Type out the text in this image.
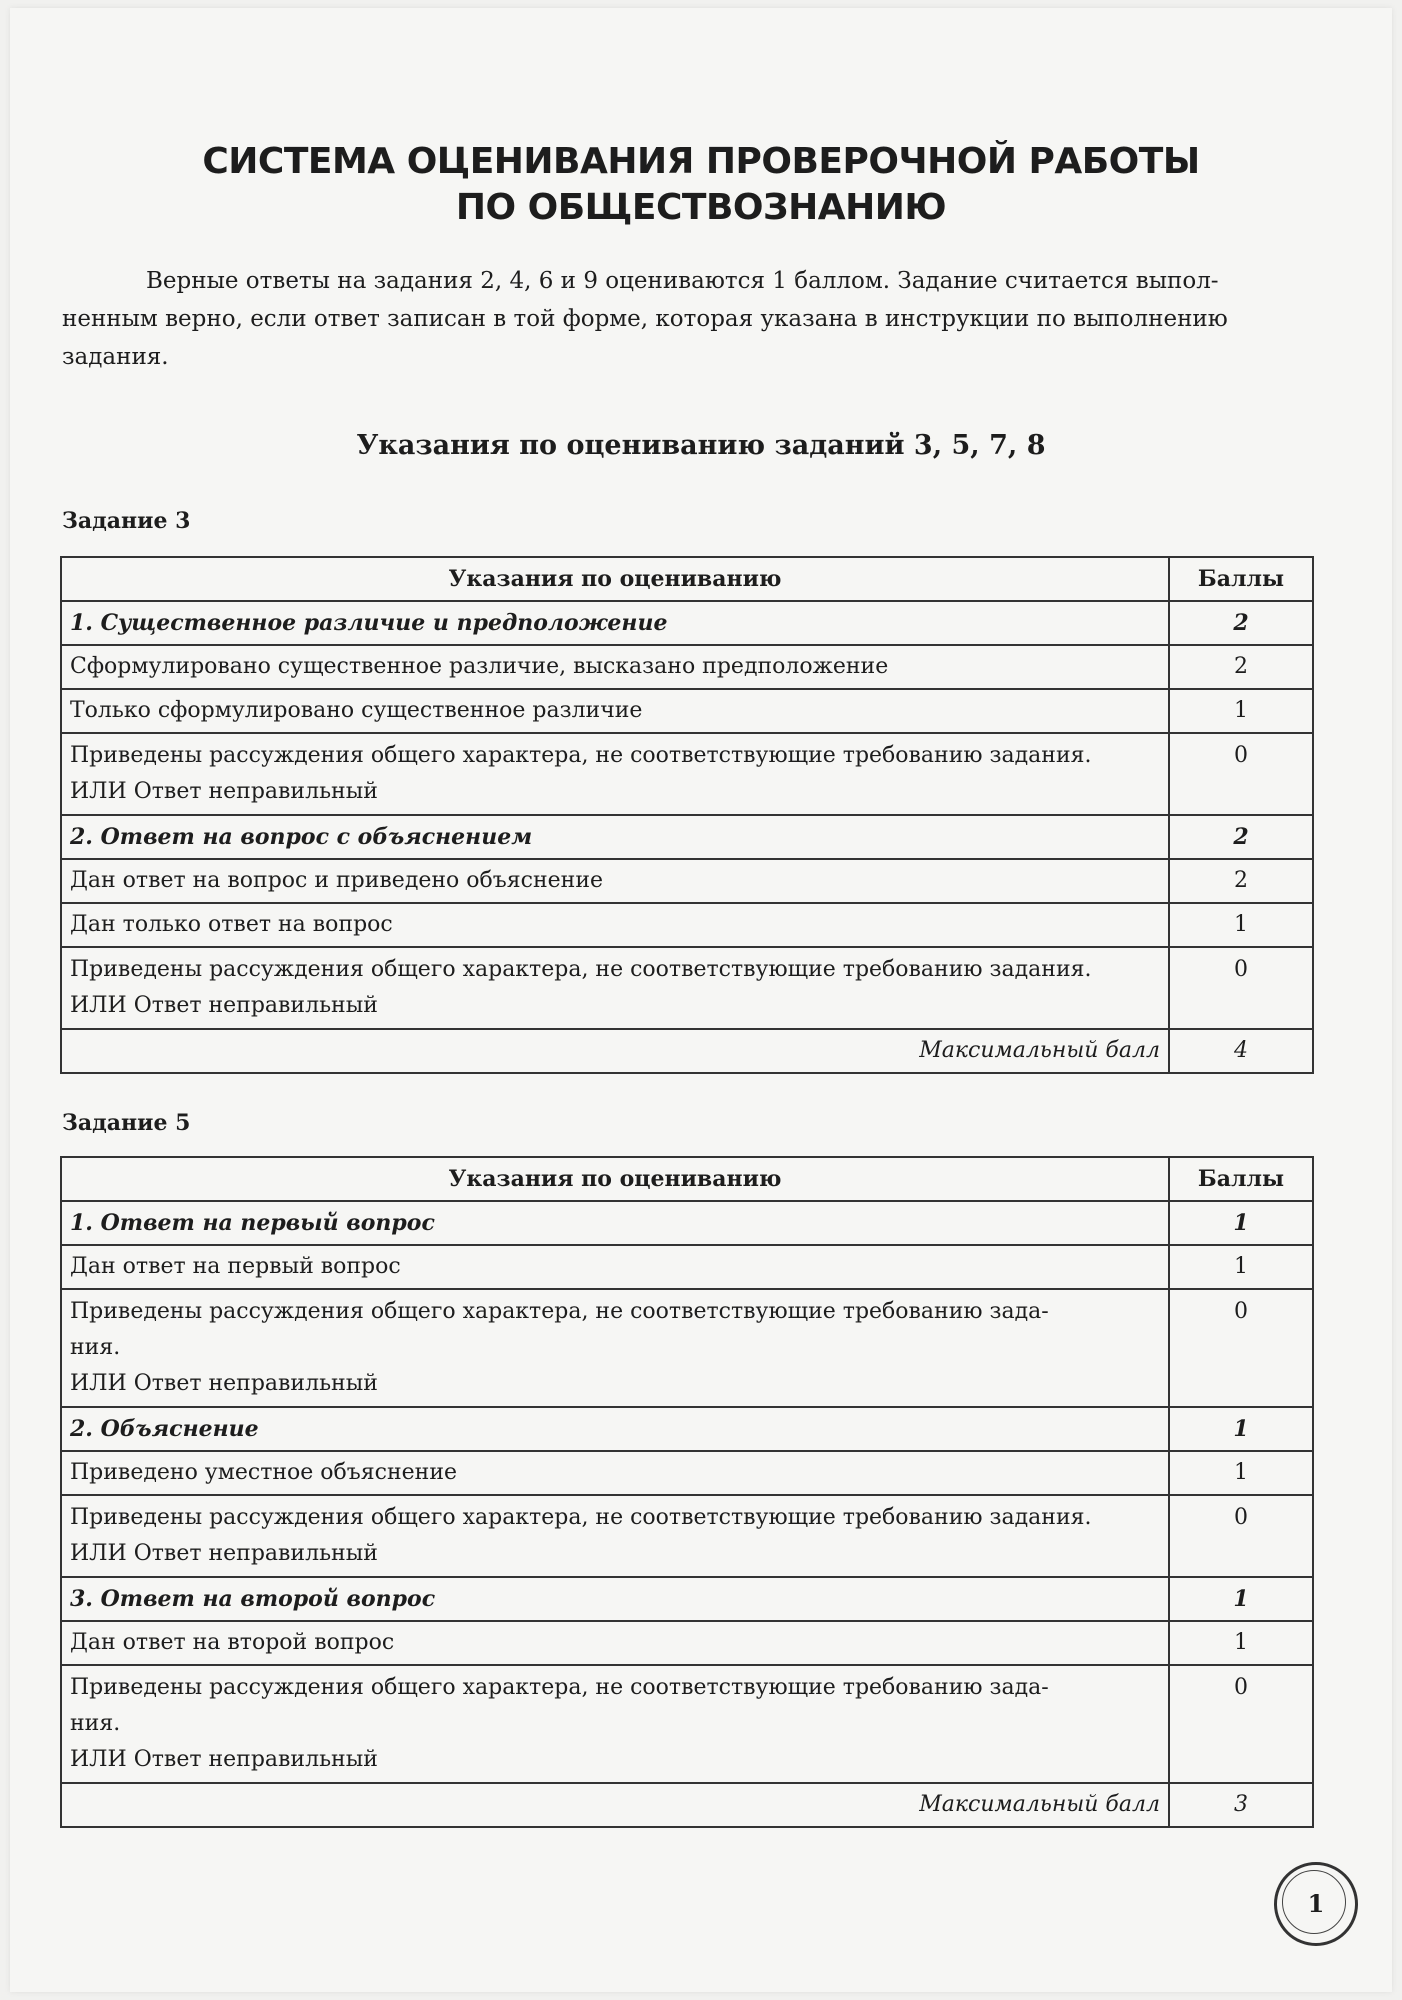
СИСТЕМА ОЦЕНИВАНИЯ ПРОВЕРОЧНОЙ РАБОТЫ
ПО ОБЩЕСТВОЗНАНИЮ
Верные ответы на задания 2, 4, 6 и 9 оцениваются 1 баллом. Задание считается выпол-
ненным верно, если ответ записан в той форме, которая указана в инструкции по выполнению
задания.
Указания по оцениванию заданий 3, 5, 7, 8
Задание 3
Указания по оцениванию	Баллы
1. Существенное различие и предположение	2
Сформулировано существенное различие, высказано предположение	2
Только сформулировано существенное различие	1

Приведены рассуждения общего характера, не соответствующие требованию задания.
ИЛИ Ответ неправильный	0
2. Ответ на вопрос с объяснением	2
Дан ответ на вопрос и приведено объяснение	2
Дан только ответ на вопрос	1

Приведены рассуждения общего характера, не соответствующие требованию задания.
ИЛИ Ответ неправильный	0
Максимальный балл	4
Задание 5
Указания по оцениванию	Баллы
1. Ответ на первый вопрос	1
Дан ответ на первый вопрос	1

Приведены рассуждения общего характера, не соответствующие требованию зада-
ния.
ИЛИ Ответ неправильный	0
2. Объяснение	1
Приведено уместное объяснение	1

Приведены рассуждения общего характера, не соответствующие требованию задания.
ИЛИ Ответ неправильный	0
3. Ответ на второй вопрос	1
Дан ответ на второй вопрос	1

Приведены рассуждения общего характера, не соответствующие требованию зада-
ния.
ИЛИ Ответ неправильный	0
Максимальный балл	3
1
